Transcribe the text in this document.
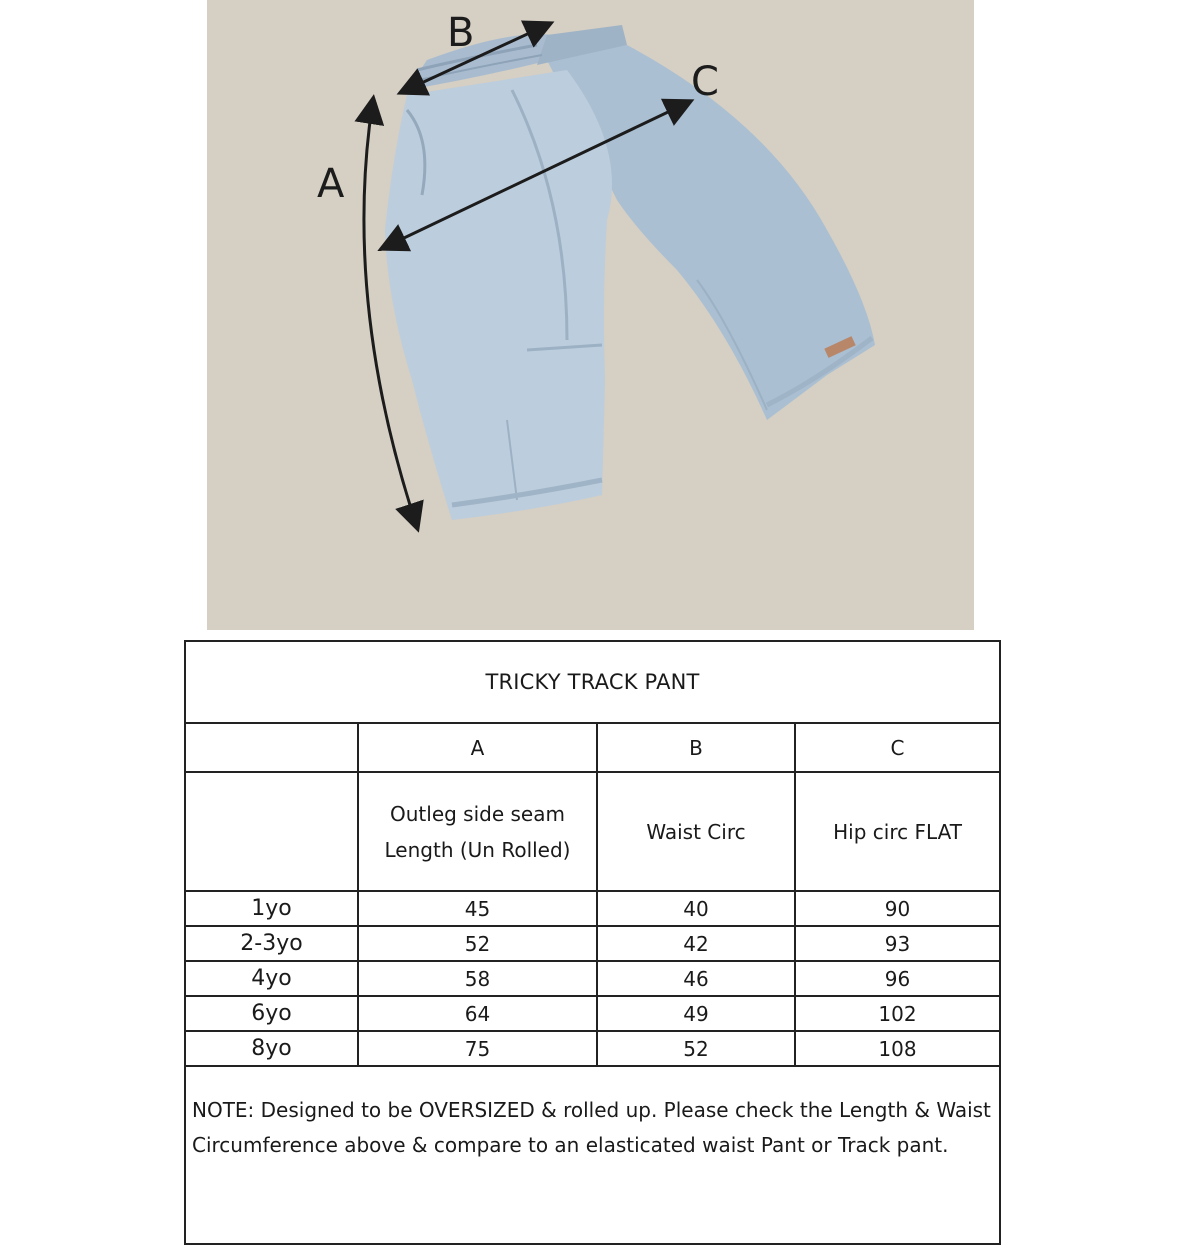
A
B
C
TRICKY TRACK PANT			
	A	B	C
	Outleg side seam Length (Un Rolled)	Waist Circ	Hip circ FLAT
1yo	45	40	90
2-3yo	52	42	93
4yo	58	46	96
6yo	64	49	102
8yo	75	52	108
NOTE: Designed to be OVERSIZED & rolled up. Please check the Length & Waist Circumference above & compare to an elasticated waist Pant or Track pant.			
